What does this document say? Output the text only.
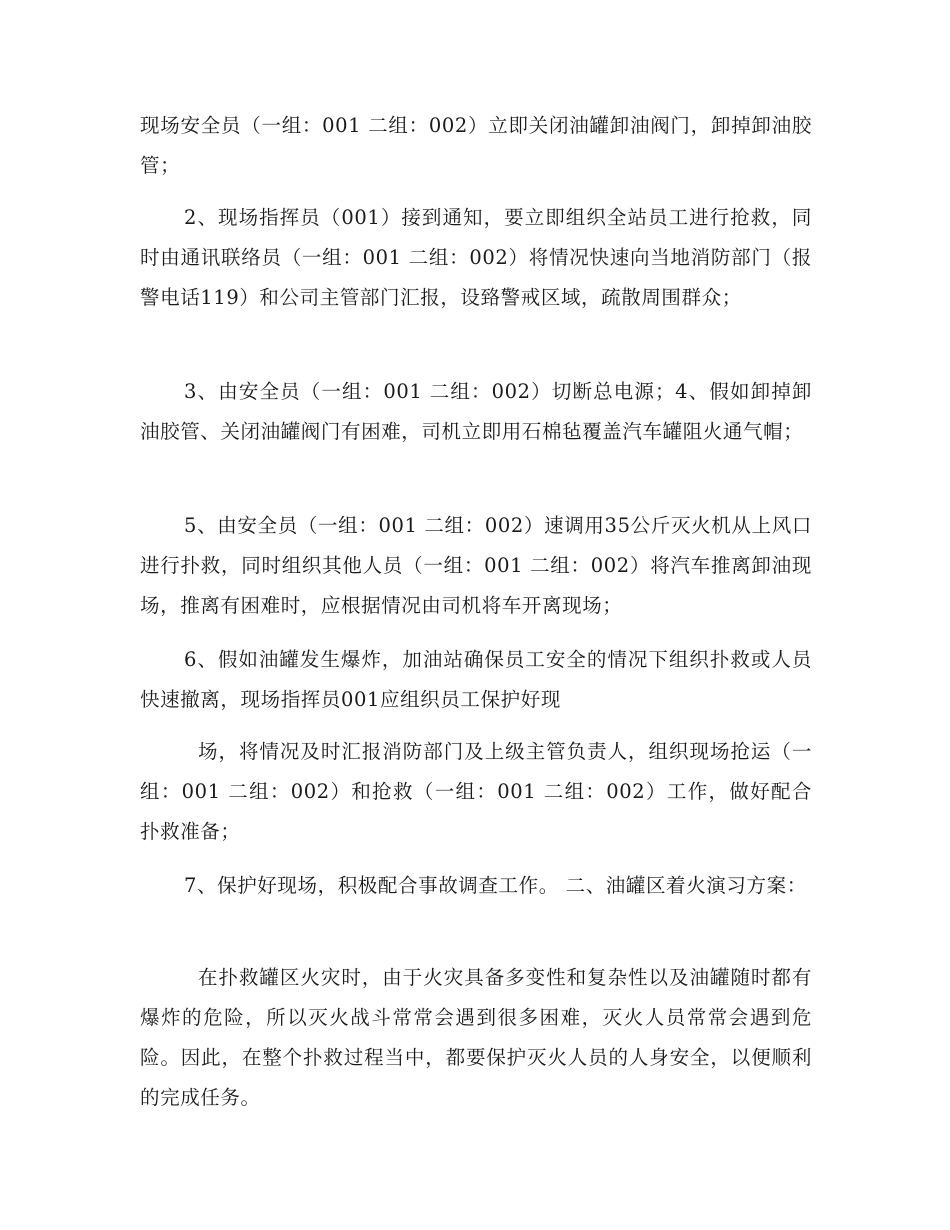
现场安全员（一组：001 二组：002）立即关闭油罐卸油阀门，卸掉卸油胶管；

2、现场指挥员（001）接到通知，要立即组织全站员工进行抢救，同时由通讯联络员（一组：001 二组：002）将情况快速向当地消防部门（报警电话119）和公司主管部门汇报，设臵警戒区域，疏散周围群众；

3、由安全员（一组：001 二组：002）切断总电源；4、假如卸掉卸油胶管、关闭油罐阀门有困难，司机立即用石棉毡覆盖汽车罐阻火通气帽；

5、由安全员（一组：001 二组：002）速调用35公斤灭火机从上风口进行扑救，同时组织其他人员（一组：001 二组：002）将汽车推离卸油现场，推离有困难时，应根据情况由司机将车开离现场；

6、假如油罐发生爆炸，加油站确保员工安全的情况下组织扑救或人员快速撤离，现场指挥员001应组织员工保护好现

场，将情况及时汇报消防部门及上级主管负责人，组织现场抢运（一组：001 二组：002）和抢救（一组：001 二组：002）工作，做好配合扑救准备；

7、保护好现场，积极配合事故调查工作。 二、油罐区着火演习方案：

在扑救罐区火灾时，由于火灾具备多变性和复杂性以及油罐随时都有爆炸的危险，所以灭火战斗常常会遇到很多困难，灭火人员常常会遇到危险。因此，在整个扑救过程当中，都要保护灭火人员的人身安全，以便顺利的完成任务。
